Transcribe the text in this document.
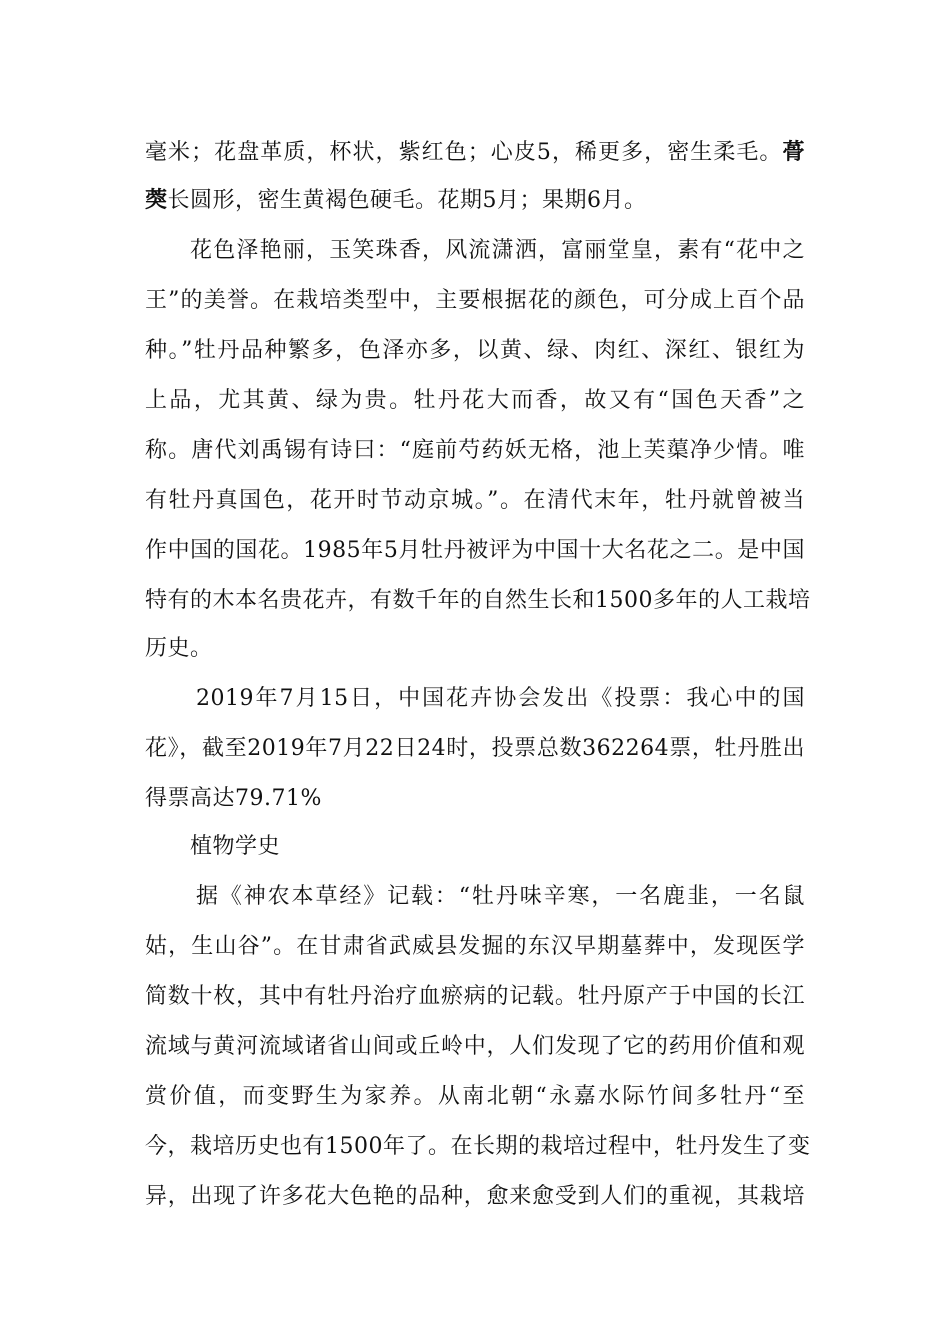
毫米；花盘革质，杯状，紫红色；心皮5，稀更多，密生柔毛。蓇

葖长圆形，密生黄褐色硬毛。花期5月；果期6月。

花色泽艳丽，玉笑珠香，风流潇洒，富丽堂皇，素有“花中之

王”的美誉。在栽培类型中，主要根据花的颜色，可分成上百个品

种。”牡丹品种繁多，色泽亦多，以黄、绿、肉红、深红、银红为

上品，尤其黄、绿为贵。牡丹花大而香，故又有“国色天香”之

称。唐代刘禹锡有诗曰：“庭前芍药妖无格，池上芙蕖净少情。唯

有牡丹真国色，花开时节动京城。”。在清代末年，牡丹就曾被当

作中国的国花。1985年5月牡丹被评为中国十大名花之二。是中国

特有的木本名贵花卉，有数千年的自然生长和1500多年的人工栽培

历史。

2019年7月15日，中国花卉协会发出《投票：我心中的国

花》，截至2019年7月22日24时，投票总数362264票，牡丹胜出

得票高达79.71%

植物学史

据《神农本草经》记载：“牡丹味辛寒，一名鹿韭，一名鼠

姑，生山谷”。在甘肃省武威县发掘的东汉早期墓葬中，发现医学

简数十枚，其中有牡丹治疗血瘀病的记载。牡丹原产于中国的长江

流域与黄河流域诸省山间或丘岭中，人们发现了它的药用价值和观

赏价值，而变野生为家养。从南北朝“永嘉水际竹间多牡丹“至

今，栽培历史也有1500年了。在长期的栽培过程中，牡丹发生了变

异，出现了许多花大色艳的品种，愈来愈受到人们的重视，其栽培
